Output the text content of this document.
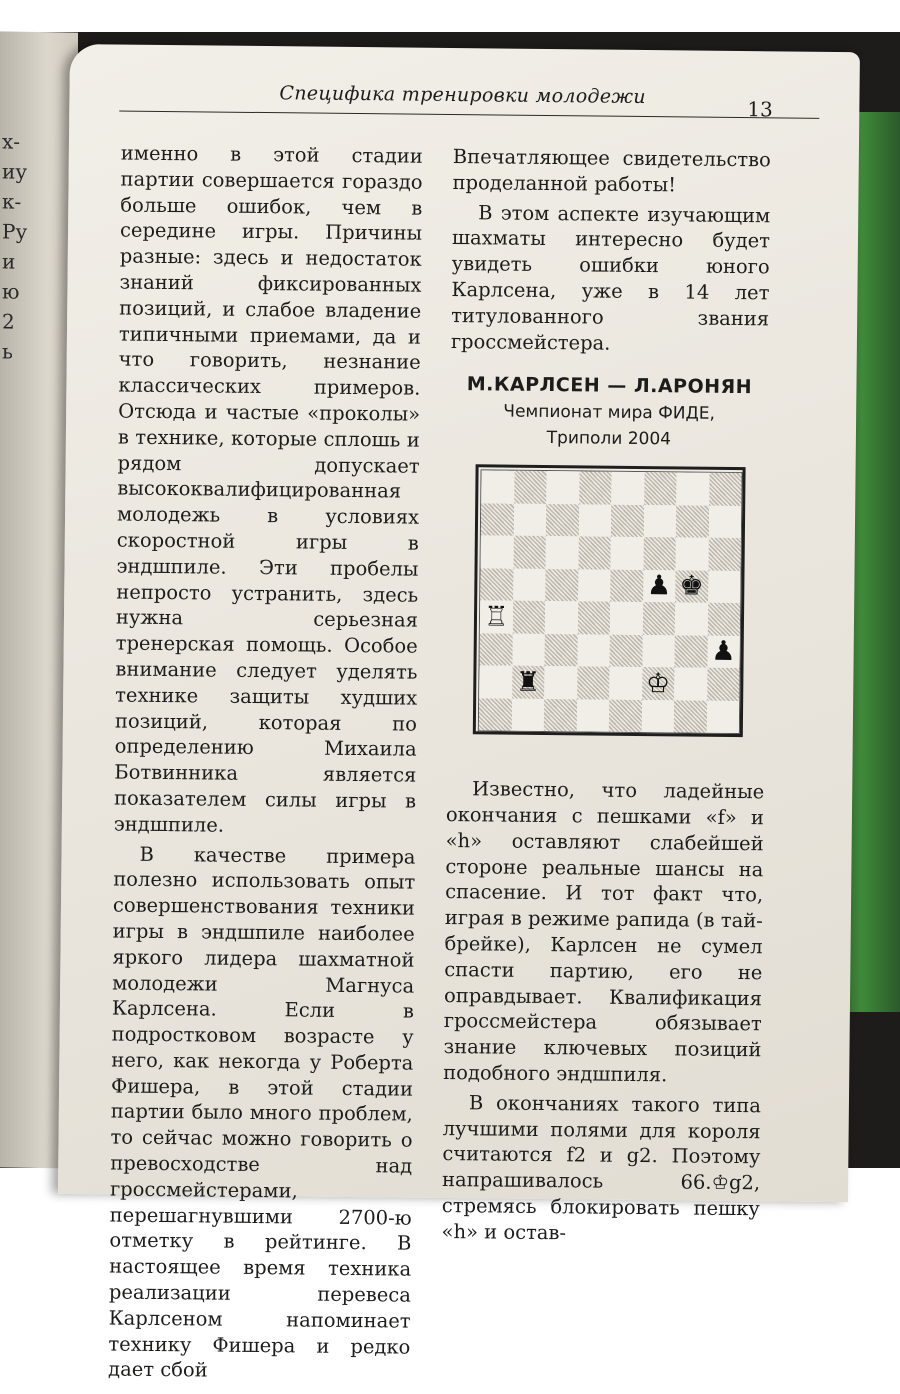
х-
иу
к-
Ру
и
ю
2
ь
Специфика тренировки молодежи
13

именно в этой стадии партии совершается гораздо больше ошибок, чем в середине игры. Причины разные: здесь и недостаток знаний фиксированных позиций, и слабое владение типичными приемами, да и что говорить, незнание классических примеров. Отсюда и частые «проколы» в технике, которые сплошь и рядом допускает высококвалифицированная молодежь в условиях скоростной игры в эндшпиле. Эти пробелы непросто устранить, здесь нужна серьезная тренерская помощь. Особое внимание следует уделять технике защиты худших позиций, которая по определению Михаила Ботвинника является показателем силы игры в эндшпиле.

В качестве примера полезно использовать опыт совершенствования техники игры в эндшпиле наиболее яркого лидера шахматной молодежи Магнуса Карлсена. Если в подростковом возрасте у него, как некогда у Роберта Фишера, в этой стадии партии было много проблем, то сейчас можно говорить о превосходстве над гроссмейстерами, перешагнувшими 2700-ю отметку в рейтинге. В настоящее время техника реализации перевеса Карлсеном напоминает технику Фишера и редко дает сбой

Впечатляющее свидетельство проделанной работы!

В этом аспекте изучающим шахматы интересно будет увидеть ошибки юного Карлсена, уже в 14 лет титулованного звания гроссмейстера.

М.КАРЛСЕН — Л.АРОНЯН
Чемпионат мира ФИДЕ,
Триполи 2004
♟ ♚
♖
♟
♜	♔

Известно, что ладейные окончания с пешками «f» и «h» оставляют слабейшей стороне реальные шансы на спасение. И тот факт что, играя в режиме рапида (в тай-брейке), Карлсен не сумел спасти партию, его не оправдывает. Квалификация гроссмейстера обязывает знание ключевых позиций подобного эндшпиля.

В окончаниях такого типа лучшими полями для короля считаются f2 и g2. Поэтому напрашивалось 66.♔g2, стремясь блокировать пешку «h» и остав-
